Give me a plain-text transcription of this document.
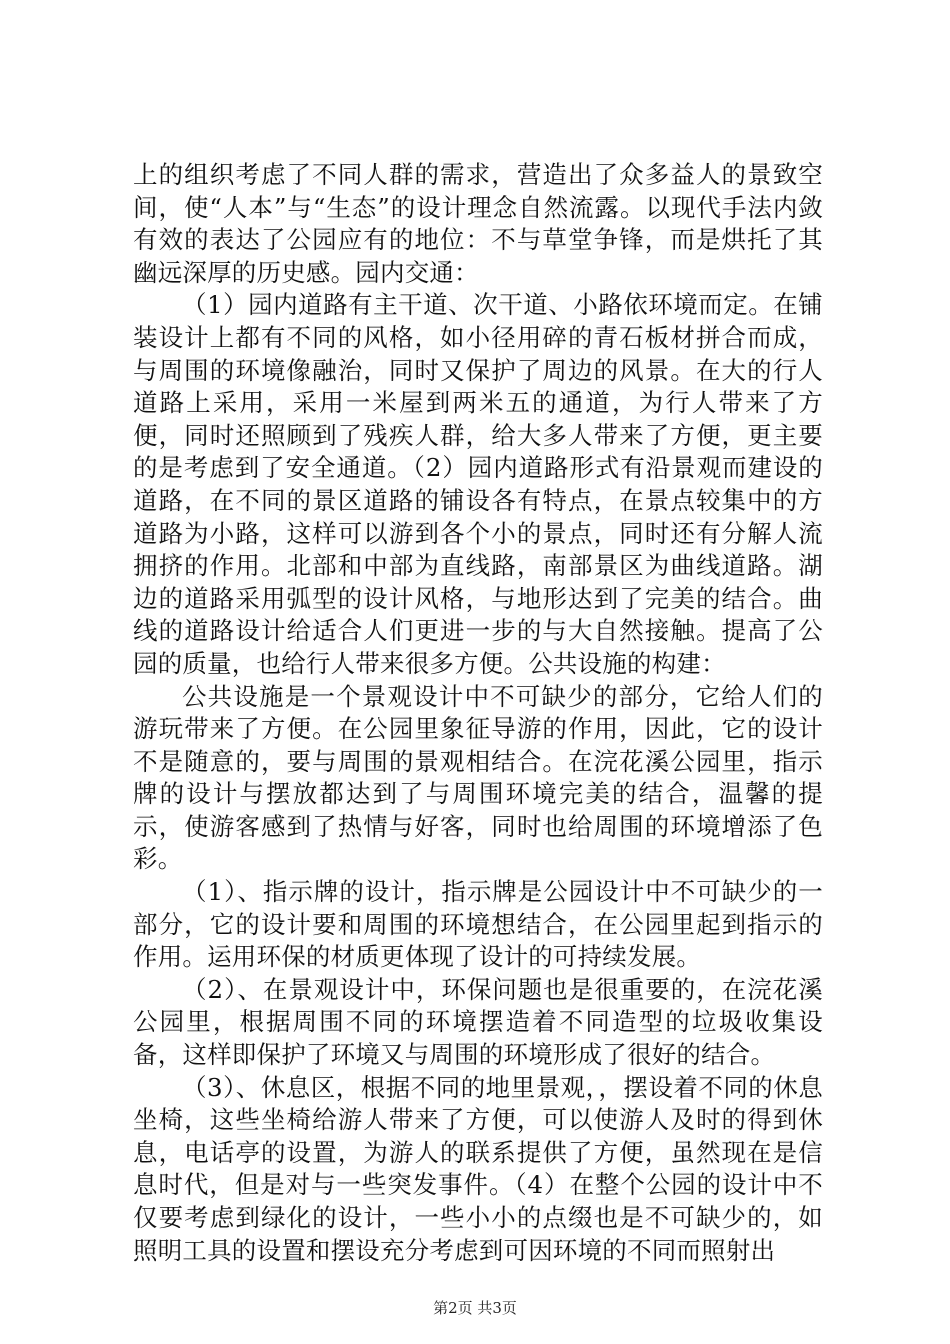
上的组织考虑了不同人群的需求，营造出了众多益人的景致空间，使“人本”与“生态”的设计理念自然流露。以现代手法内敛有效的表达了公园应有的地位：不与草堂争锋，而是烘托了其幽远深厚的历史感。园内交通：

（1）园内道路有主干道、次干道、小路依环境而定。在铺装设计上都有不同的风格，如小径用碎的青石板材拼合而成，与周围的环境像融治，同时又保护了周边的风景。在大的行人道路上采用，采用一米屋到两米五的通道，为行人带来了方便，同时还照顾到了残疾人群，给大多人带来了方便，更主要的是考虑到了安全通道。（2）园内道路形式有沿景观而建设的道路，在不同的景区道路的铺设各有特点，在景点较集中的方道路为小路，这样可以游到各个小的景点，同时还有分解人流拥挤的作用。北部和中部为直线路，南部景区为曲线道路。湖边的道路采用弧型的设计风格，与地形达到了完美的结合。曲线的道路设计给适合人们更进一步的与大自然接触。提高了公园的质量，也给行人带来很多方便。公共设施的构建：

公共设施是一个景观设计中不可缺少的部分，它给人们的游玩带来了方便。在公园里象征导游的作用，因此，它的设计不是随意的，要与周围的景观相结合。在浣花溪公园里，指示牌的设计与摆放都达到了与周围环境完美的结合，温馨的提示，使游客感到了热情与好客，同时也给周围的环境增添了色彩。

（1）、指示牌的设计，指示牌是公园设计中不可缺少的一部分，它的设计要和周围的环境想结合，在公园里起到指示的作用。运用环保的材质更体现了设计的可持续发展。

（2）、在景观设计中，环保问题也是很重要的，在浣花溪公园里，根据周围不同的环境摆造着不同造型的垃圾收集设备，这样即保护了环境又与周围的环境形成了很好的结合。

（3）、休息区，根据不同的地里景观，，摆设着不同的休息坐椅，这些坐椅给游人带来了方便，可以使游人及时的得到休息，电话亭的设置，为游人的联系提供了方便，虽然现在是信息时代，但是对与一些突发事件。（4）在整个公园的设计中不仅要考虑到绿化的设计，一些小小的点缀也是不可缺少的，如照明工具的设置和摆设充分考虑到可因环境的不同而照射出

第2页 共3页
